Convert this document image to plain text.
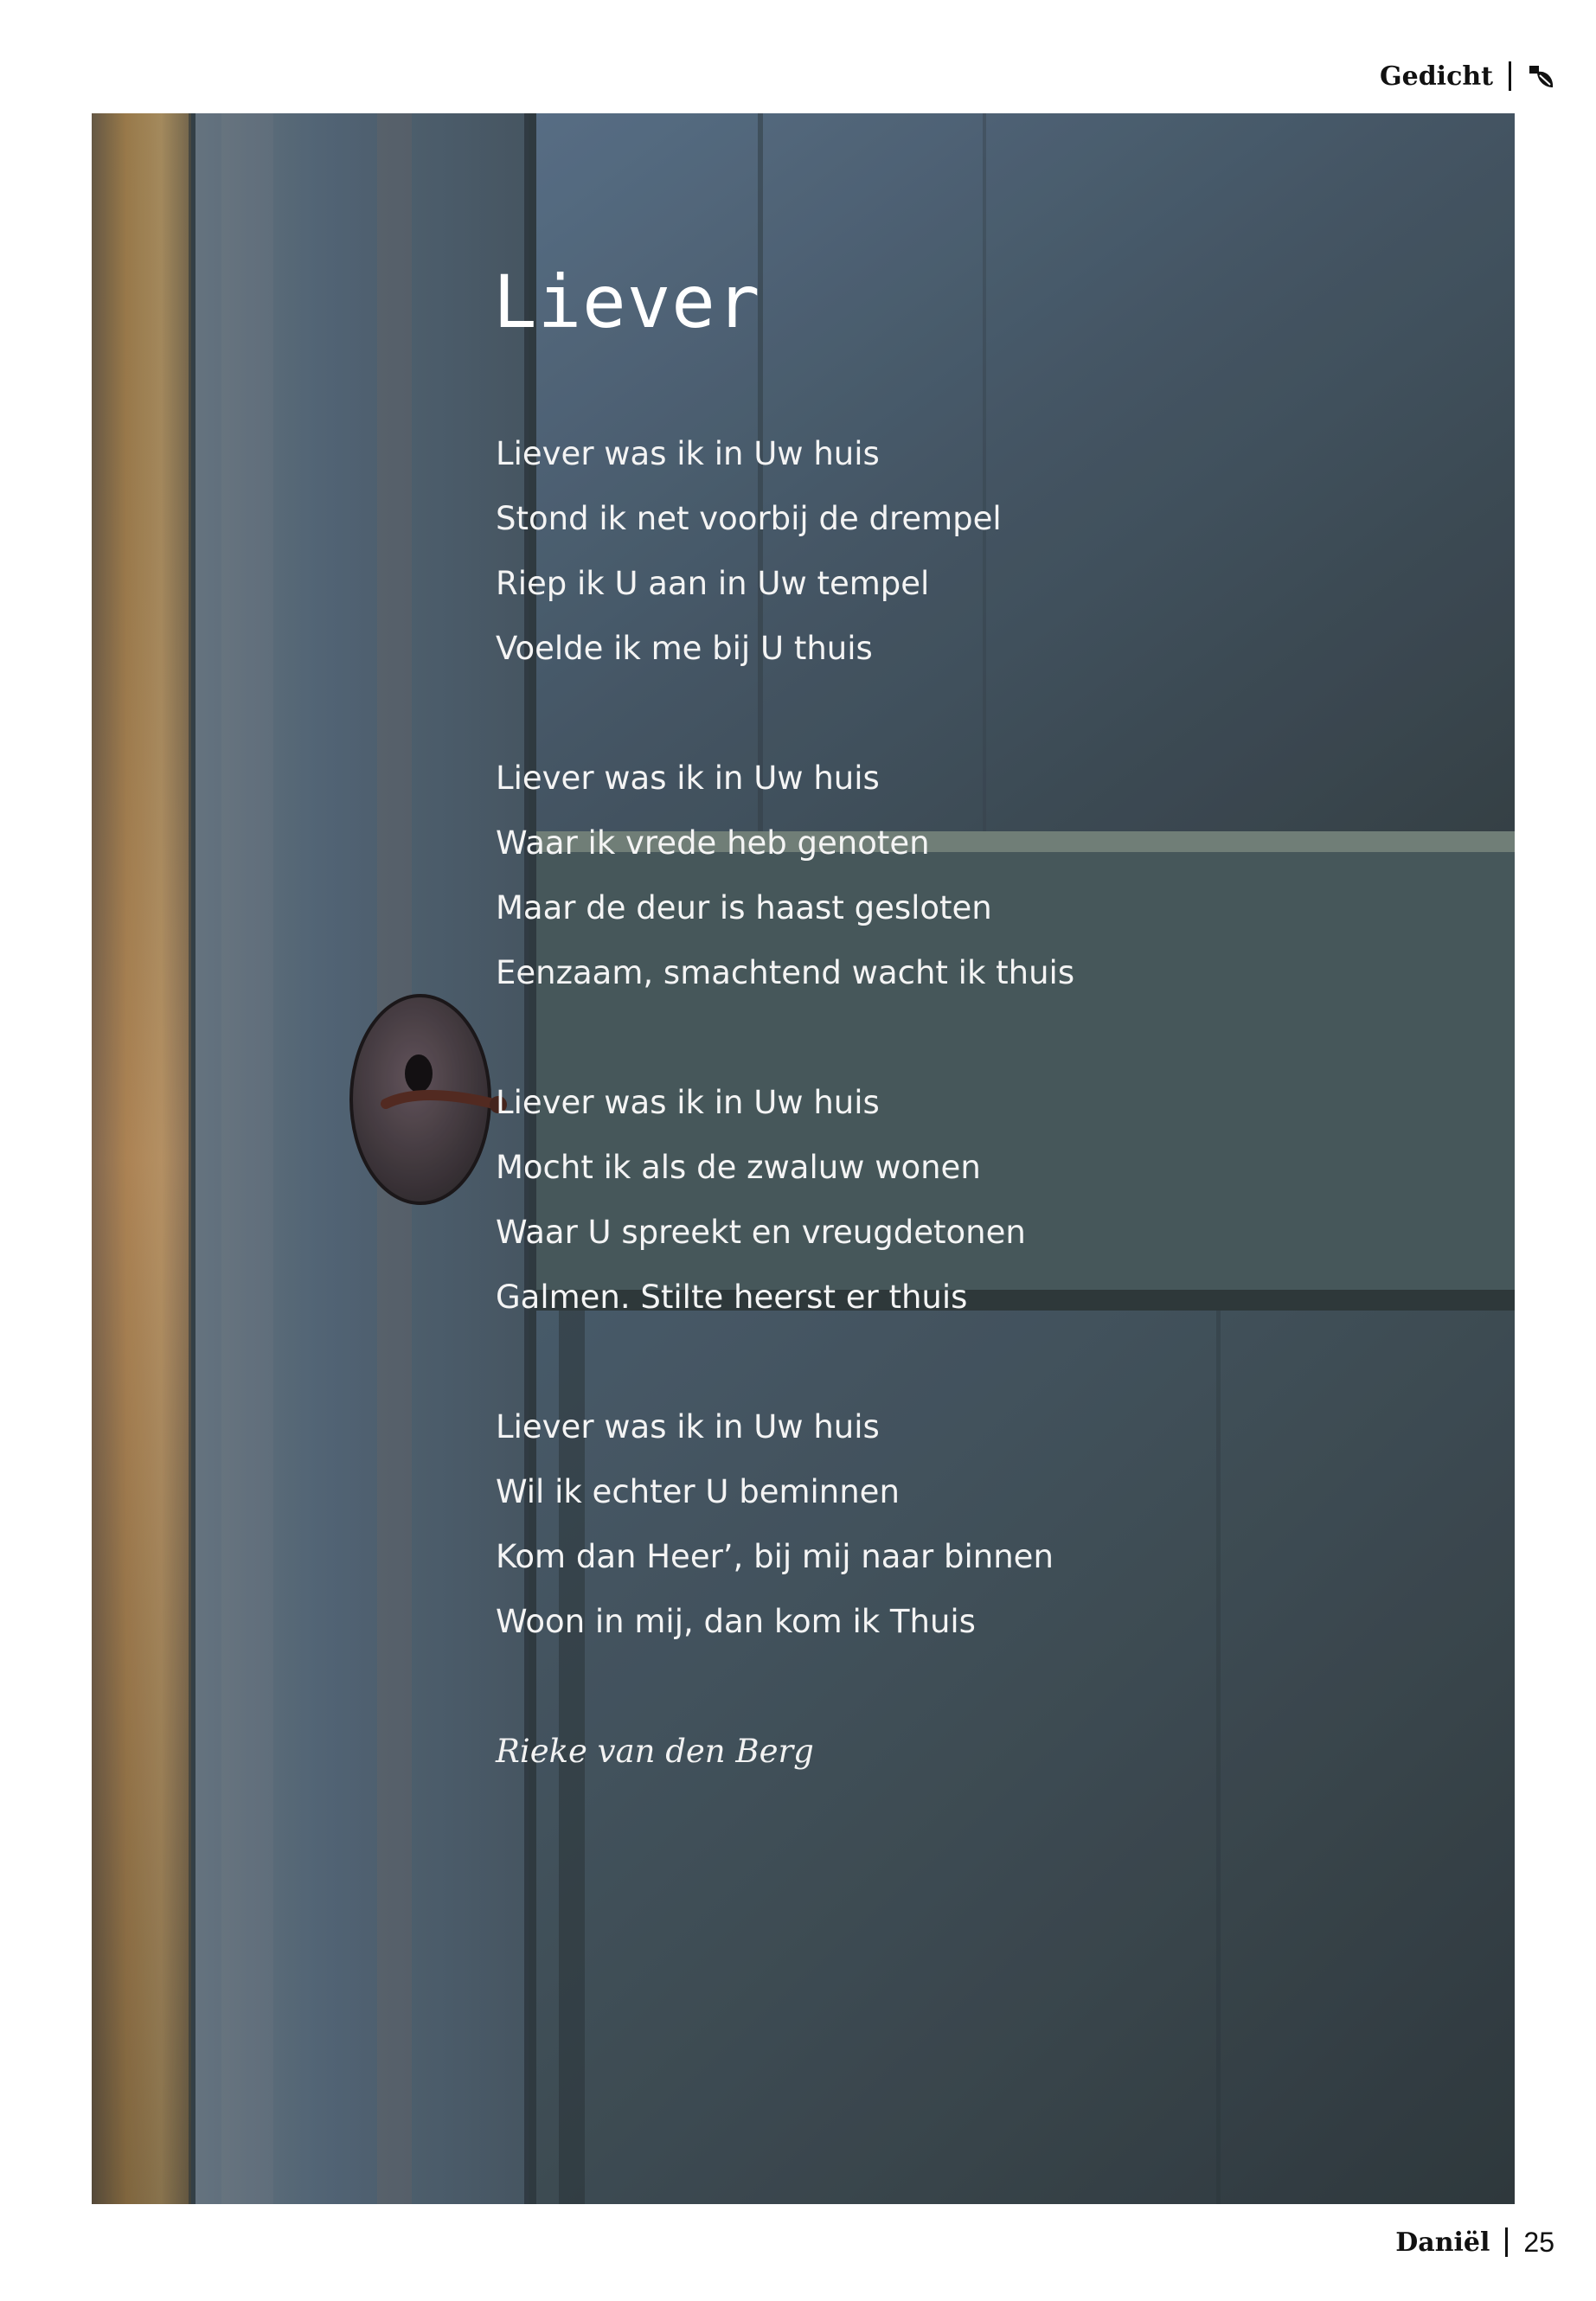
Gedicht
Liever
Liever was ik in Uw huis
Stond ik net voorbij de drempel
Riep ik U aan in Uw tempel
Voelde ik me bij U thuis
Liever was ik in Uw huis
Waar ik vrede heb genoten
Maar de deur is haast gesloten
Eenzaam, smachtend wacht ik thuis
Liever was ik in Uw huis
Mocht ik als de zwaluw wonen
Waar U spreekt en vreugdetonen
Galmen. Stilte heerst er thuis
Liever was ik in Uw huis
Wil ik echter U beminnen
Kom dan Heer’, bij mij naar binnen
Woon in mij, dan kom ik Thuis
Rieke van den Berg
Daniël 25
